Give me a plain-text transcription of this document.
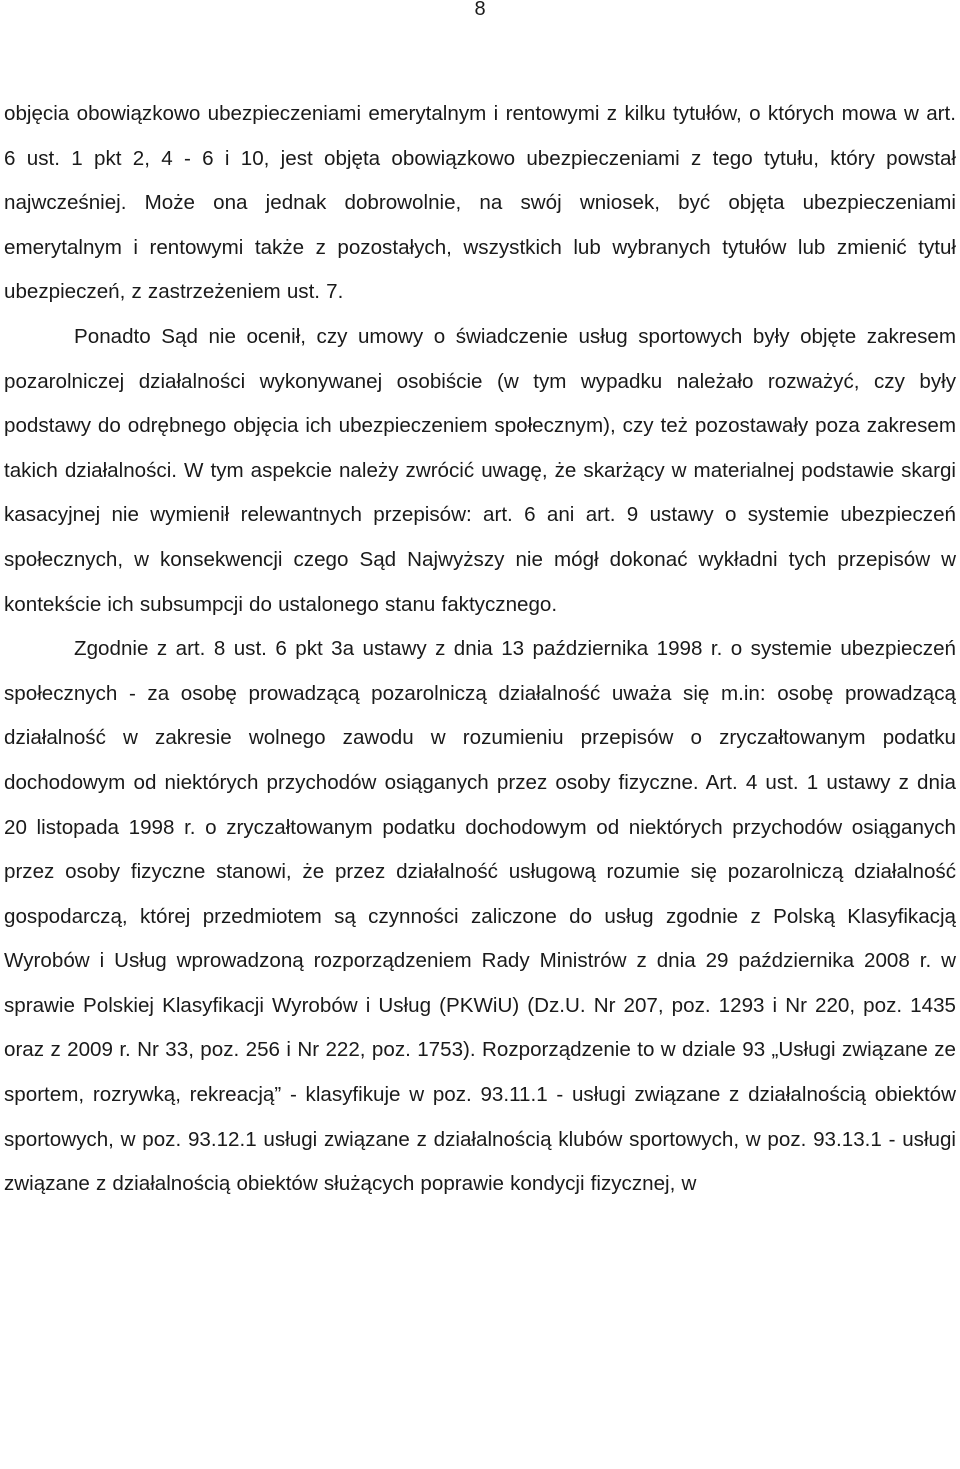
8

objęcia obowiązkowo ubezpieczeniami emerytalnym i rentowymi z kilku tytułów, o których mowa w art. 6 ust. 1 pkt 2, 4 - 6 i 10, jest objęta obowiązkowo ubezpieczeniami z tego tytułu, który powstał najwcześniej. Może ona jednak dobrowolnie, na swój wniosek, być objęta ubezpieczeniami emerytalnym i rentowymi także z pozostałych, wszystkich lub wybranych tytułów lub zmienić tytuł ubezpieczeń, z zastrzeżeniem ust. 7.

Ponadto Sąd nie ocenił, czy umowy o świadczenie usług sportowych były objęte zakresem pozarolniczej działalności wykonywanej osobiście (w tym wypadku należało rozważyć, czy były podstawy do odrębnego objęcia ich ubezpieczeniem społecznym), czy też pozostawały poza zakresem takich działalności. W tym aspekcie należy zwrócić uwagę, że skarżący w materialnej podstawie skargi kasacyjnej nie wymienił relewantnych przepisów: art. 6 ani art. 9 ustawy o systemie ubezpieczeń społecznych, w konsekwencji czego Sąd Najwyższy nie mógł dokonać wykładni tych przepisów w kontekście ich subsumpcji do ustalonego stanu faktycznego.

Zgodnie z art. 8 ust. 6 pkt 3a ustawy z dnia 13 października 1998 r. o systemie ubezpieczeń społecznych - za osobę prowadzącą pozarolniczą działalność uważa się m.in: osobę prowadzącą działalność w zakresie wolnego zawodu w rozumieniu przepisów o zryczałtowanym podatku dochodowym od niektórych przychodów osiąganych przez osoby fizyczne. Art. 4 ust. 1 ustawy z dnia 20 listopada 1998 r. o zryczałtowanym podatku dochodowym od niektórych przychodów osiąganych przez osoby fizyczne stanowi, że przez działalność usługową rozumie się pozarolniczą działalność gospodarczą, której przedmiotem są czynności zaliczone do usług zgodnie z Polską Klasyfikacją Wyrobów i Usług wprowadzoną rozporządzeniem Rady Ministrów z dnia 29 października 2008 r. w sprawie Polskiej Klasyfikacji Wyrobów i Usług (PKWiU) (Dz.U. Nr 207, poz. 1293 i Nr 220, poz. 1435 oraz z 2009 r. Nr 33, poz. 256 i Nr 222, poz. 1753). Rozporządzenie to w dziale 93 „Usługi związane ze sportem, rozrywką, rekreacją” - klasyfikuje w poz. 93.11.1 - usługi związane z działalnością obiektów sportowych, w poz. 93.12.1 usługi związane z działalnością klubów sportowych, w poz. 93.13.1 - usługi związane z działalnością obiektów służących poprawie kondycji fizycznej, w
